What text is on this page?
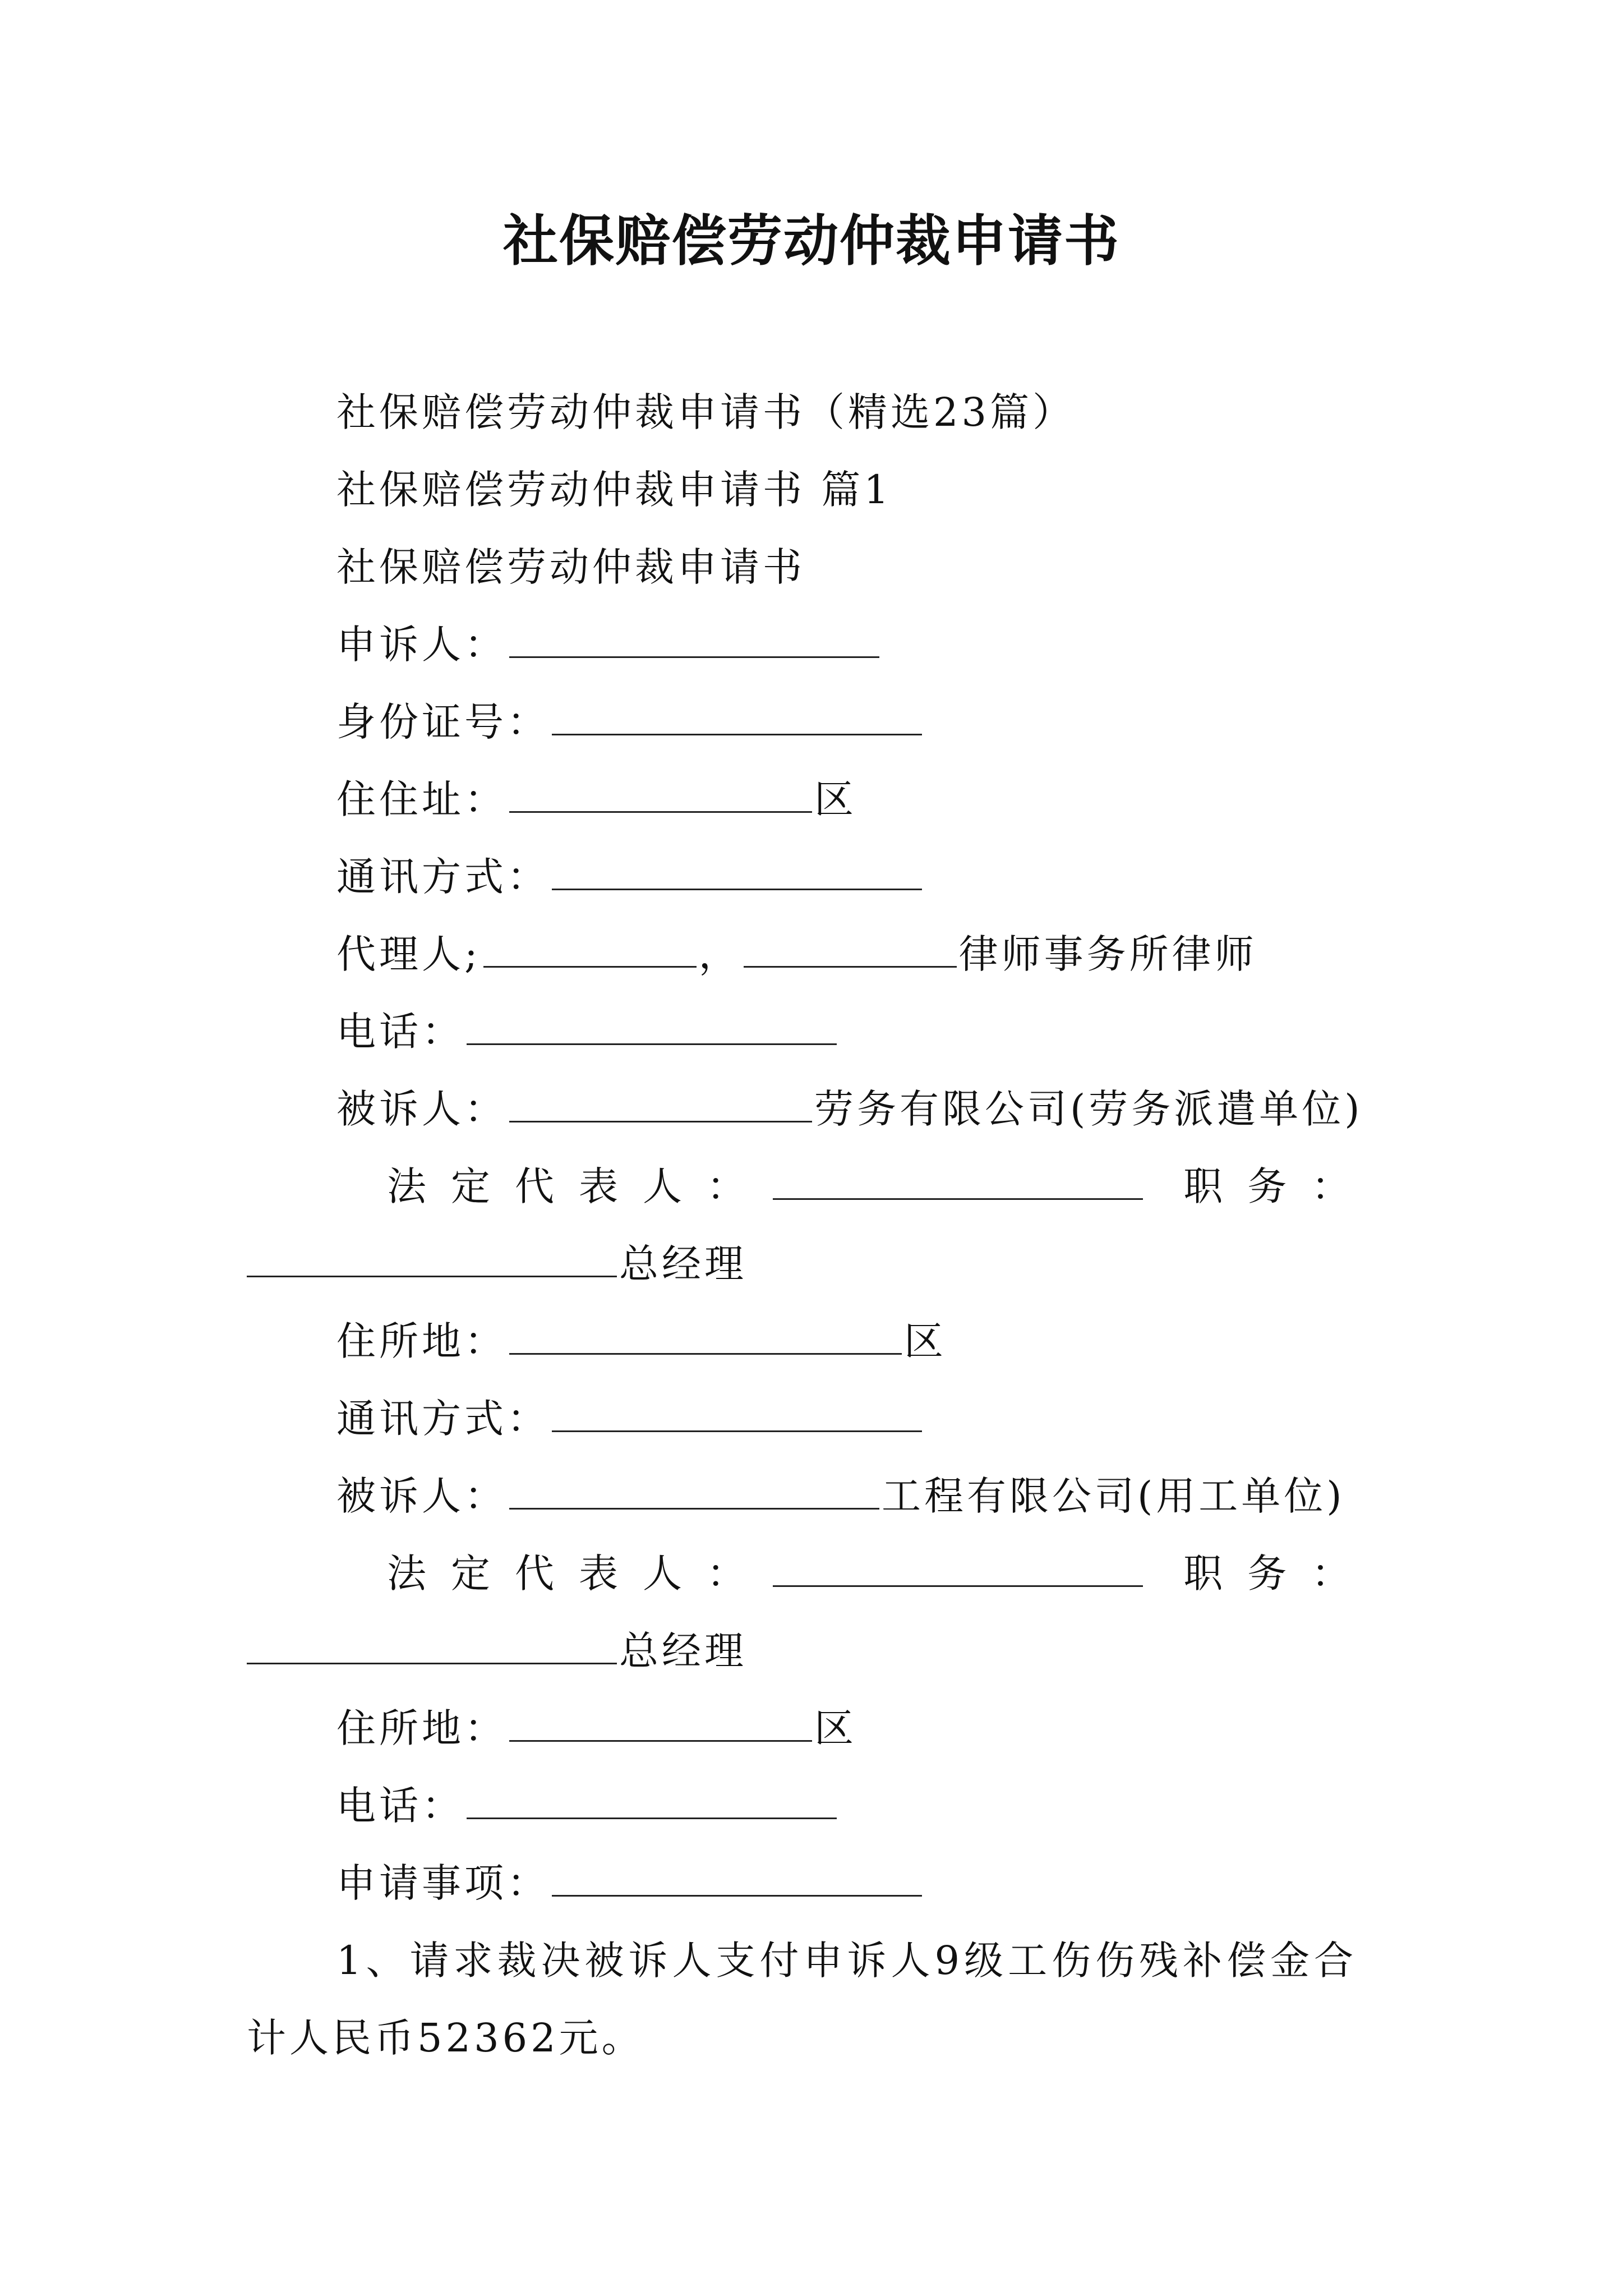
社保赔偿劳动仲裁申请书
社保赔偿劳动仲裁申请书（精选23篇）
社保赔偿劳动仲裁申请书 篇1
社保赔偿劳动仲裁申请书
申诉人：
身份证号：
住住址：	区
通讯方式：
代理人;	，	律师事务所律师
电话：
被诉人：	劳务有限公司(劳务派遣单位)
法定代表人：	职务：
总经理
住所地：	区
通讯方式：
被诉人：	工程有限公司(用工单位)
法定代表人：	职务：
总经理
住所地：	区
电话：
申请事项：
1、请求裁决被诉人支付申诉人9级工伤伤残补偿金合
计人民币52362元。
